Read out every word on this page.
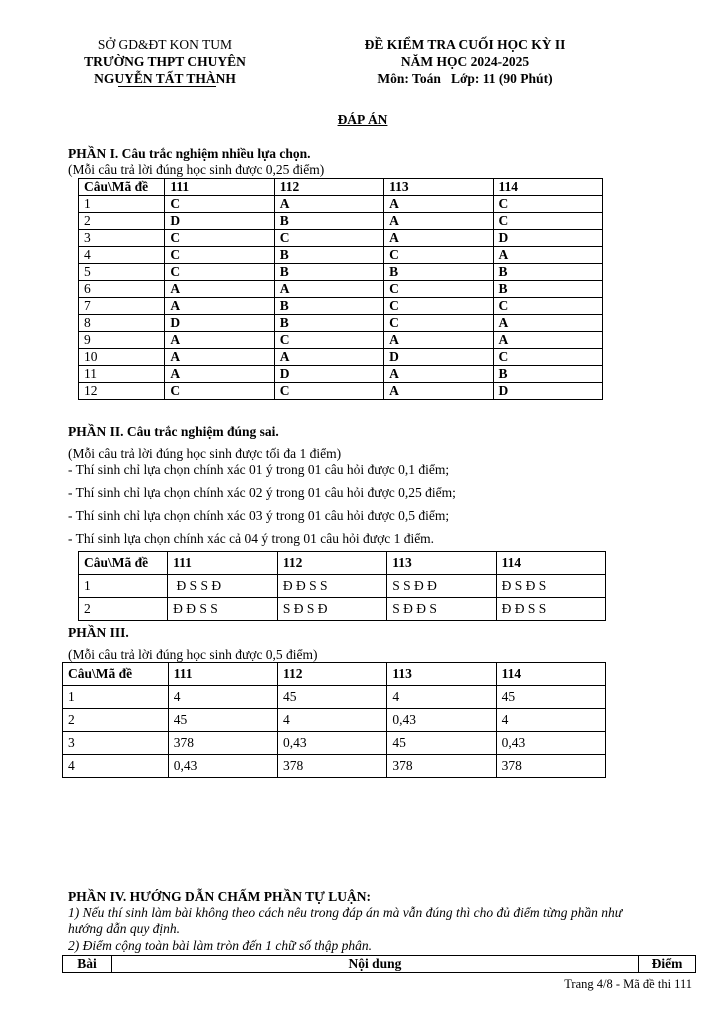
SỞ GD&ĐT KON TUM
TRƯỜNG THPT CHUYÊN
NGUYỄN TẤT THÀNH
ĐỀ KIỂM TRA CUỐI HỌC KỲ II
NĂM HỌC 2024-2025
Môn: Toán   Lớp: 11 (90 Phút)
ĐÁP ÁN
PHẦN I. Câu trắc nghiệm nhiều lựa chọn.
(Mỗi câu trả lời đúng học sinh được 0,25 điểm)
Câu\Mã đề	111	112	113	114
1	C	A	A	C
2	D	B	A	C
3	C	C	A	D
4	C	B	C	A
5	C	B	B	B
6	A	A	C	B
7	A	B	C	C
8	D	B	C	A
9	A	C	A	A
10	A	A	D	C
11	A	D	A	B
12	C	C	A	D
PHẦN II. Câu trắc nghiệm đúng sai.
(Mỗi câu trả lời đúng học sinh được tối đa 1 điểm)
- Thí sinh chỉ lựa chọn chính xác 01 ý trong 01 câu hỏi được 0,1 điểm;
- Thí sinh chỉ lựa chọn chính xác 02 ý trong 01 câu hỏi được 0,25 điểm;
- Thí sinh chỉ lựa chọn chính xác 03 ý trong 01 câu hỏi được 0,5 điểm;
- Thí sinh lựa chọn chính xác cả 04 ý trong 01 câu hỏi được 1 điểm.
Câu\Mã đề	111	112	113	114
1	Đ S S Đ	Đ Đ S S	S S Đ Đ	Đ S Đ S
2	Đ Đ S S	S Đ S Đ	S Đ Đ S	Đ Đ S S
PHẦN III.
(Mỗi câu trả lời đúng học sinh được 0,5 điểm)
Câu\Mã đề	111	112	113	114
1	4	45	4	45
2	45	4	0,43	4
3	378	0,43	45	0,43
4	0,43	378	378	378
PHẦN IV. HƯỚNG DẪN CHẤM PHẦN TỰ LUẬN:
1) Nếu thí sinh làm bài không theo cách nêu trong đáp án mà vẫn đúng thì cho đủ điểm từng phần như
hướng dẫn quy định.
2) Điểm cộng toàn bài làm tròn đến 1 chữ số thập phân.
Bài	Nội dung	Điểm
Trang 4/8 - Mã đề thi 111
